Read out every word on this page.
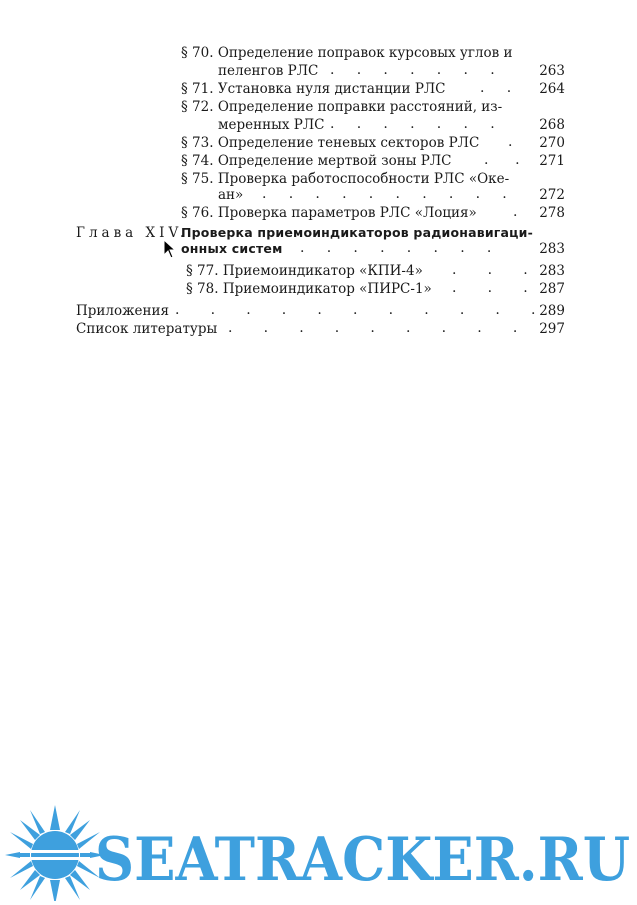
§ 70. Определение поправок курсовых углов и
пеленгов РЛС .     .     .     .     .     .     .	263
§ 71. Установка нуля дистанции РЛС .     . 264
§ 72. Определение поправки расстояний, из-
меренных РЛС .     .     .     .     .     .     .	268
§ 73. Определение теневых секторов РЛС . 270
§ 74. Определение мертвой зоны РЛС .      . 271
§ 75. Проверка работоспособности РЛС «Оке-
ан» .     .     .     .     .     .     .     .     .     . 272
§ 76. Проверка параметров РЛС «Лоция»	. 278
Глава XIV.
Проверка приемоиндикаторов радионавигаци-
онных систем .     .     .     .     .     .     .     .	283
§ 77. Приемоиндикатор «КПИ-4» .       .       . 283
§ 78. Приемоиндикатор «ПИРС-1» .       .       . 287
Приложения .       .       .       .       .       .       .       .       .       .       . 289
Список литературы .       .       .       .       .       .       .       .       . 297
SEATRACKER.RU
